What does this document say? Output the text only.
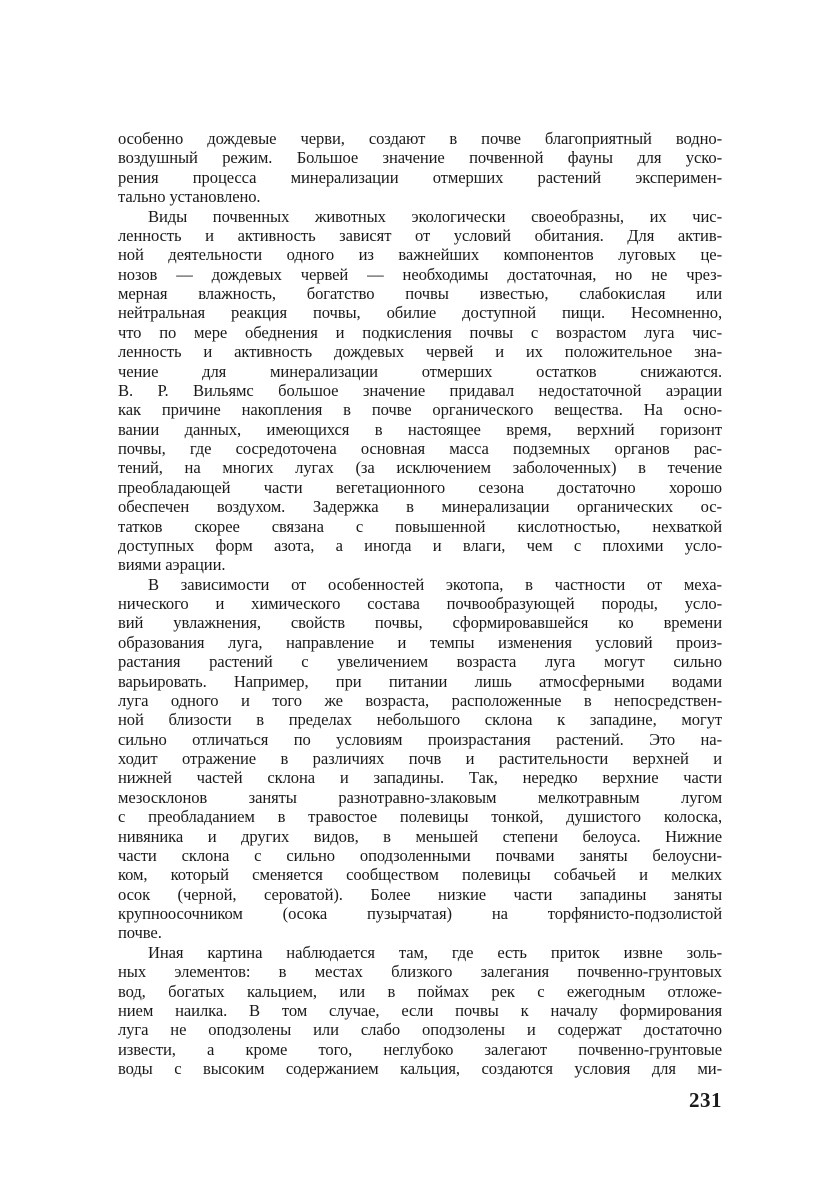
особенно дождевые черви, создают в почве благоприятный водно-
воздушный режим. Большое значение почвенной фауны для уско-
рения процесса минерализации отмерших растений эксперимен-
тально установлено.
Виды почвенных животных экологически своеобразны, их чис-
ленность и активность зависят от условий обитания. Для актив-
ной деятельности одного из важнейших компонентов луговых це-
нозов — дождевых червей — необходимы достаточная, но не чрез-
мерная влажность, богатство почвы известью, слабокислая или
нейтральная реакция почвы, обилие доступной пищи. Несомненно,
что по мере обеднения и подкисления почвы с возрастом луга чис-
ленность и активность дождевых червей и их положительное зна-
чение для минерализации отмерших остатков снижаются.
В. Р. Вильямс большое значение придавал недостаточной аэрации
как причине накопления в почве органического вещества. На осно-
вании данных, имеющихся в настоящее время, верхний горизонт
почвы, где сосредоточена основная масса подземных органов рас-
тений, на многих лугах (за исключением заболоченных) в течение
преобладающей части вегетационного сезона достаточно хорошо
обеспечен воздухом. Задержка в минерализации органических ос-
татков скорее связана с повышенной кислотностью, нехваткой
доступных форм азота, а иногда и влаги, чем с плохими усло-
виями аэрации.
В зависимости от особенностей экотопа, в частности от меха-
нического и химического состава почвообразующей породы, усло-
вий увлажнения, свойств почвы, сформировавшейся ко времени
образования луга, направление и темпы изменения условий произ-
растания растений с увеличением возраста луга могут сильно
варьировать. Например, при питании лишь атмосферными водами
луга одного и того же возраста, расположенные в непосредствен-
ной близости в пределах небольшого склона к западине, могут
сильно отличаться по условиям произрастания растений. Это на-
ходит отражение в различиях почв и растительности верхней и
нижней частей склона и западины. Так, нередко верхние части
мезосклонов заняты разнотравно-злаковым мелкотравным лугом
с преобладанием в травостое полевицы тонкой, душистого колоска,
нивяника и других видов, в меньшей степени белоуса. Нижние
части склона с сильно оподзоленными почвами заняты белоусни-
ком, который сменяется сообществом полевицы собачьей и мелких
осок (черной, сероватой). Более низкие части западины заняты
крупноосочником (осока пузырчатая) на торфянисто-подзолистой
почве.
Иная картина наблюдается там, где есть приток извне золь-
ных элементов: в местах близкого залегания почвенно-грунтовых
вод, богатых кальцием, или в поймах рек с ежегодным отложе-
нием наилка. В том случае, если почвы к началу формирования
луга не оподзолены или слабо оподзолены и содержат достаточно
извести, а кроме того, неглубоко залегают почвенно-грунтовые
воды с высоким содержанием кальция, создаются условия для ми-
231
